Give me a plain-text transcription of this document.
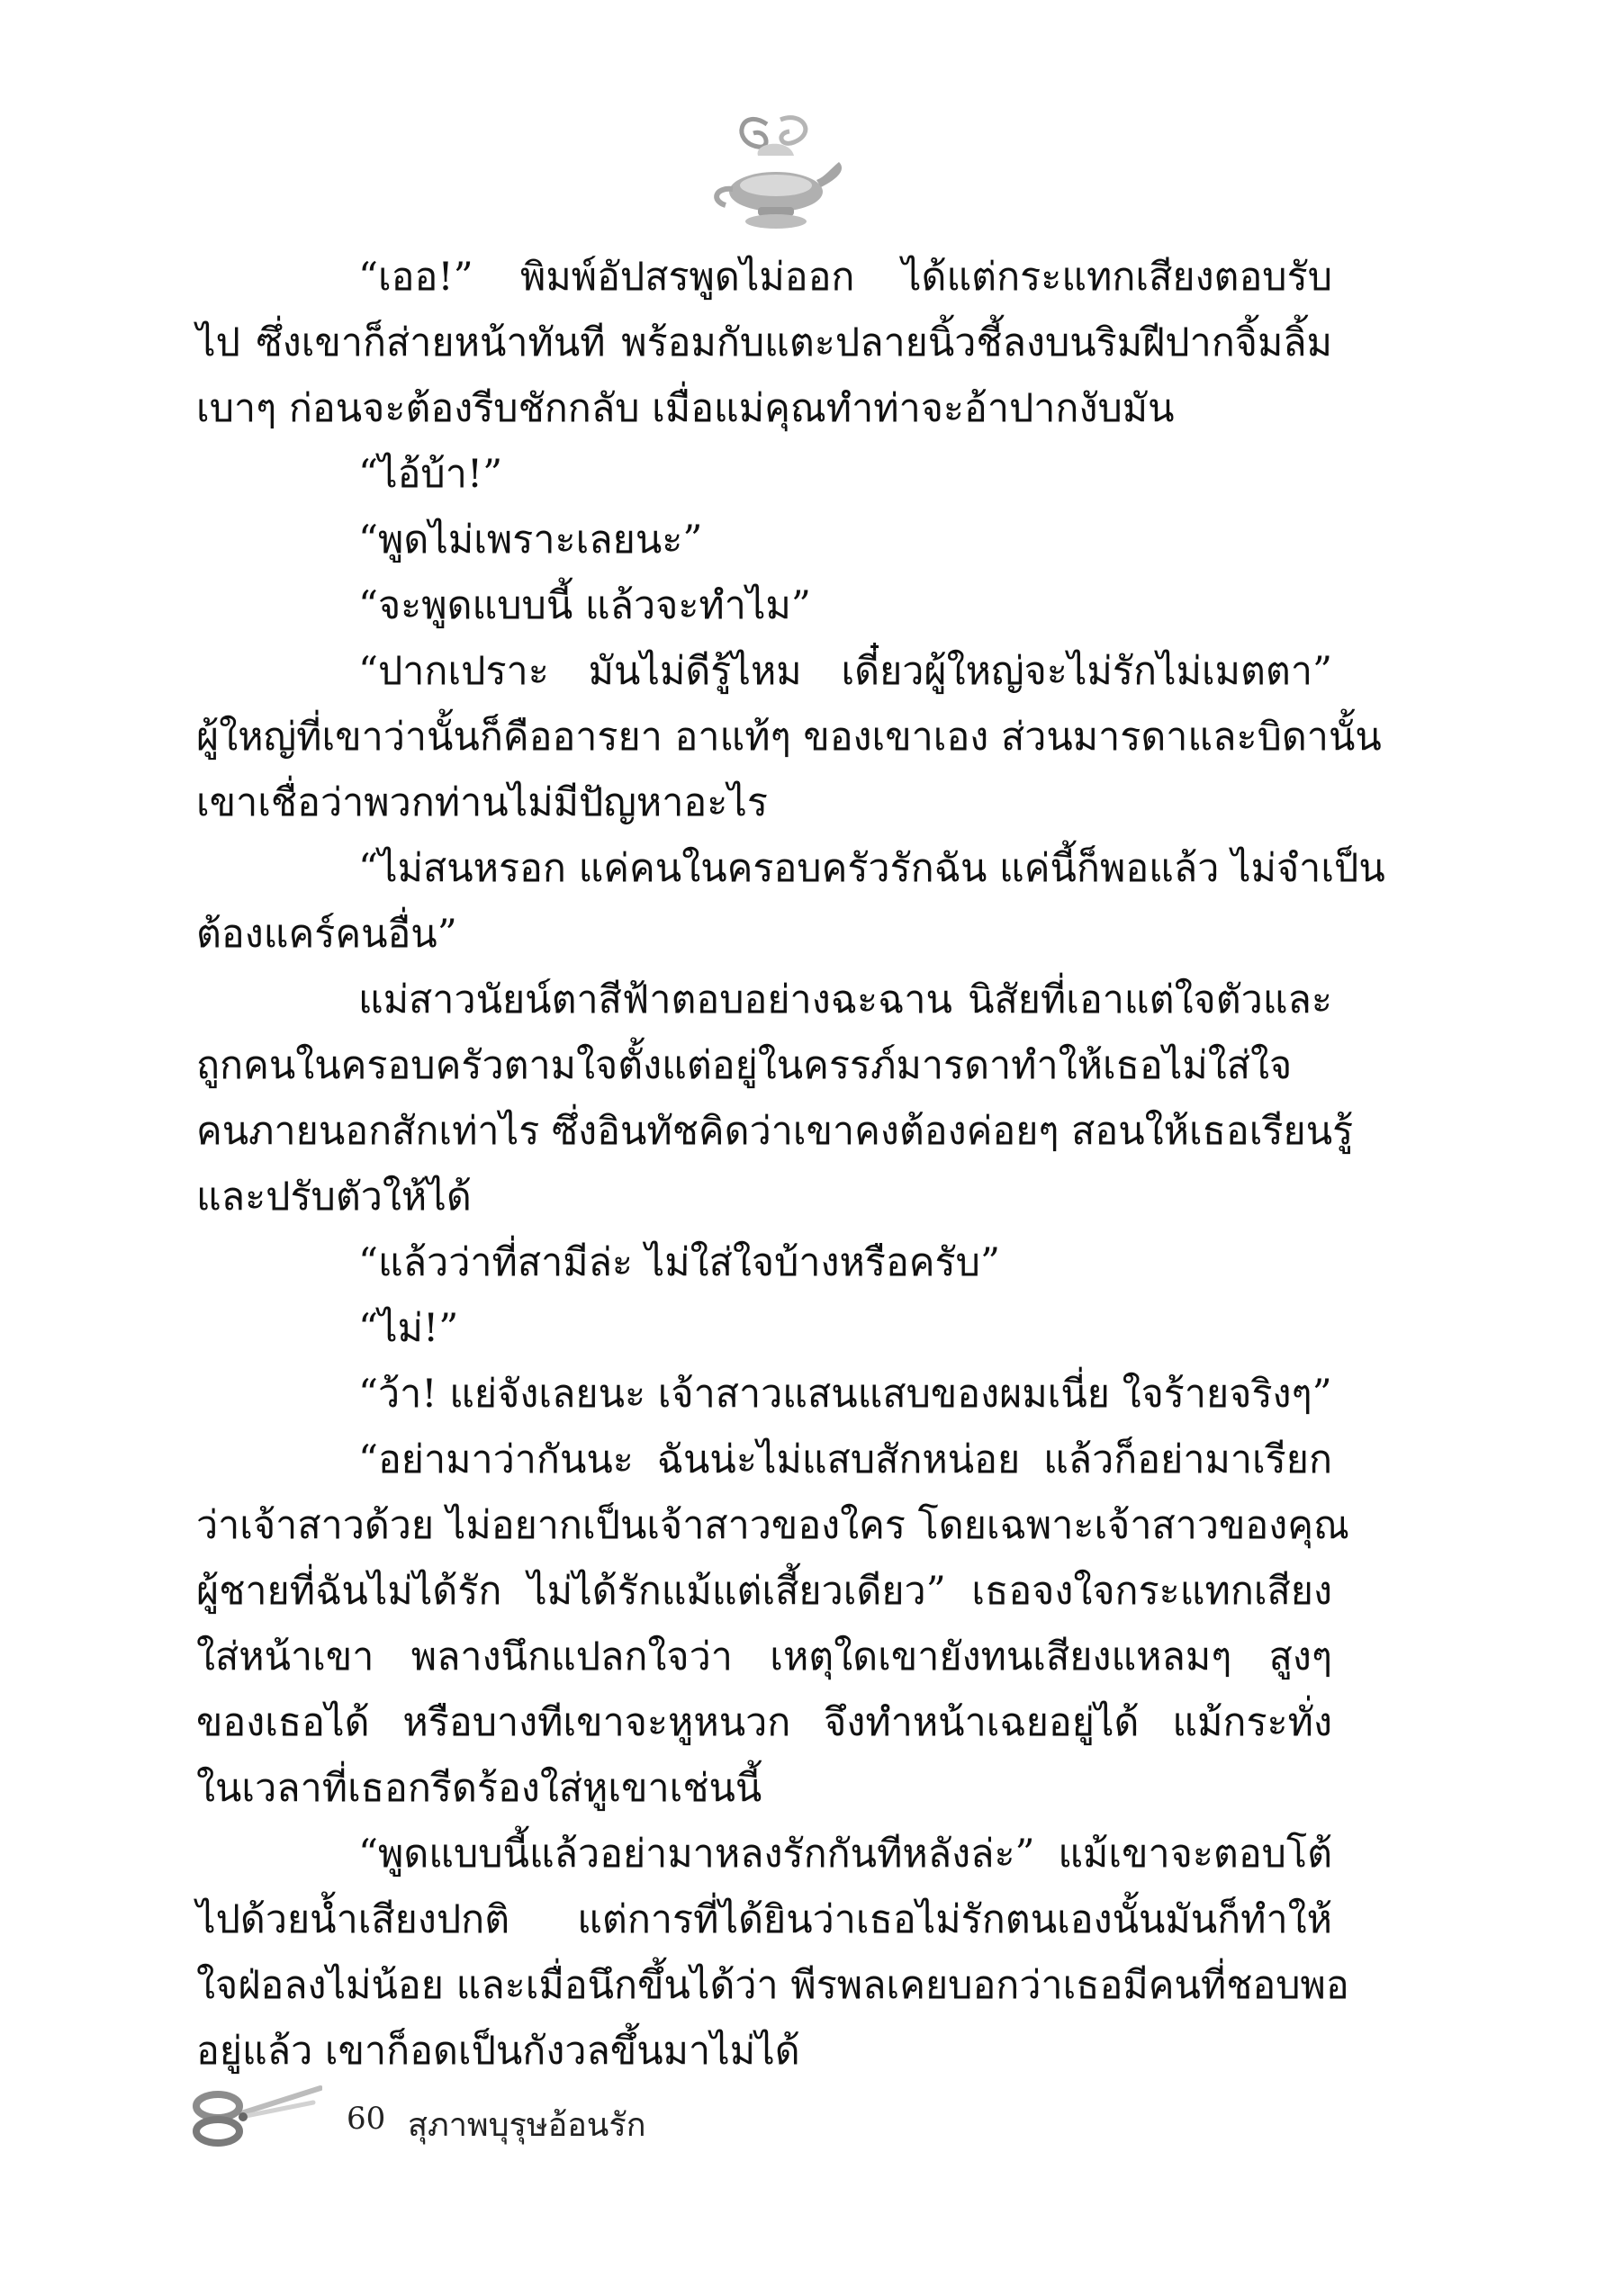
“เออ!” พิมพ์อัปสรพูดไม่ออก ได้แต่กระแทกเสียงตอบรับ
ไป ซึ่งเขาก็ส่ายหน้าทันที พร้อมกับแตะปลายนิ้วชี้ลงบนริมฝีปากจิ้มลิ้ม
เบาๆ ก่อนจะต้องรีบชักกลับ เมื่อแม่คุณทำท่าจะอ้าปากงับมัน
“ไอ้บ้า!”
“พูดไม่เพราะเลยนะ”
“จะพูดแบบนี้ แล้วจะทำไม”
“ปากเปราะ มันไม่ดีรู้ไหม เดี๋ยวผู้ใหญ่จะไม่รักไม่เมตตา”
ผู้ใหญ่ที่เขาว่านั้นก็คืออารยา อาแท้ๆ ของเขาเอง ส่วนมารดาและบิดานั้น
เขาเชื่อว่าพวกท่านไม่มีปัญหาอะไร
“ไม่สนหรอก แค่คนในครอบครัวรักฉัน แค่นี้ก็พอแล้ว ไม่จำเป็น
ต้องแคร์คนอื่น”
แม่สาวนัยน์ตาสีฟ้าตอบอย่างฉะฉาน นิสัยที่เอาแต่ใจตัวและ
ถูกคนในครอบครัวตามใจตั้งแต่อยู่ในครรภ์มารดาทำให้เธอไม่ใส่ใจ
คนภายนอกสักเท่าไร ซึ่งอินทัชคิดว่าเขาคงต้องค่อยๆ สอนให้เธอเรียนรู้
และปรับตัวให้ได้
“แล้วว่าที่สามีล่ะ ไม่ใส่ใจบ้างหรือครับ”
“ไม่!”
“ว้า! แย่จังเลยนะ เจ้าสาวแสนแสบของผมเนี่ย ใจร้ายจริงๆ”
“อย่ามาว่ากันนะ ฉันน่ะไม่แสบสักหน่อย แล้วก็อย่ามาเรียก
ว่าเจ้าสาวด้วย ไม่อยากเป็นเจ้าสาวของใคร โดยเฉพาะเจ้าสาวของคุณ
ผู้ชายที่ฉันไม่ได้รัก ไม่ได้รักแม้แต่เสี้ยวเดียว” เธอจงใจกระแทกเสียง
ใส่หน้าเขา พลางนึกแปลกใจว่า เหตุใดเขายังทนเสียงแหลมๆ สูงๆ
ของเธอได้ หรือบางทีเขาจะหูหนวก จึงทำหน้าเฉยอยู่ได้ แม้กระทั่ง
ในเวลาที่เธอกรีดร้องใส่หูเขาเช่นนี้
“พูดแบบนี้แล้วอย่ามาหลงรักกันทีหลังล่ะ” แม้เขาจะตอบโต้
ไปด้วยน้ำเสียงปกติ แต่การที่ได้ยินว่าเธอไม่รักตนเองนั้นมันก็ทำให้
ใจฝ่อลงไม่น้อย และเมื่อนึกขึ้นได้ว่า พีรพลเคยบอกว่าเธอมีคนที่ชอบพอ
อยู่แล้ว เขาก็อดเป็นกังวลขึ้นมาไม่ได้
60 สุภาพบุรุษอ้อนรัก
